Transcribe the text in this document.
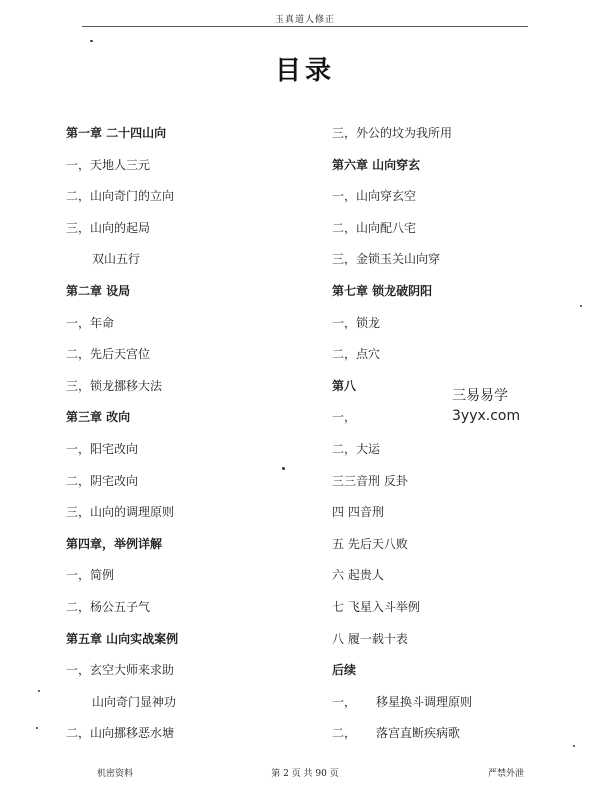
玉真道人修正
目录
第一章 二十四山向
一，天地人三元
二，山向奇门的立向
三，山向的起局
双山五行
第二章 设局
一，年命
二，先后天宫位
三，锁龙挪移大法
第三章 改向
一，阳宅改向
二，阴宅改向
三，山向的调理原则
第四章，举例详解
一，简例
二，杨公五子气
第五章 山向实战案例
一，玄空大师来求助
山向奇门显神功
二，山向挪移恶水塘
三，外公的坟为我所用
第六章 山向穿玄
一，山向穿玄空
二，山向配八宅
三，金锁玉关山向穿
第七章 锁龙破阴阳
一，锁龙
二，点穴
第八
一，
二，大运
三三音刑 反卦
四 四音刑
五 先后天八败
六 起贵人
七 飞星入斗举例
八 履一载十表
后续
一， 移星换斗调理原则
二， 落宫直断疾病歌
三易易学
3yyx.com
机密资料	第 2 页 共 90 页	严禁外泄
